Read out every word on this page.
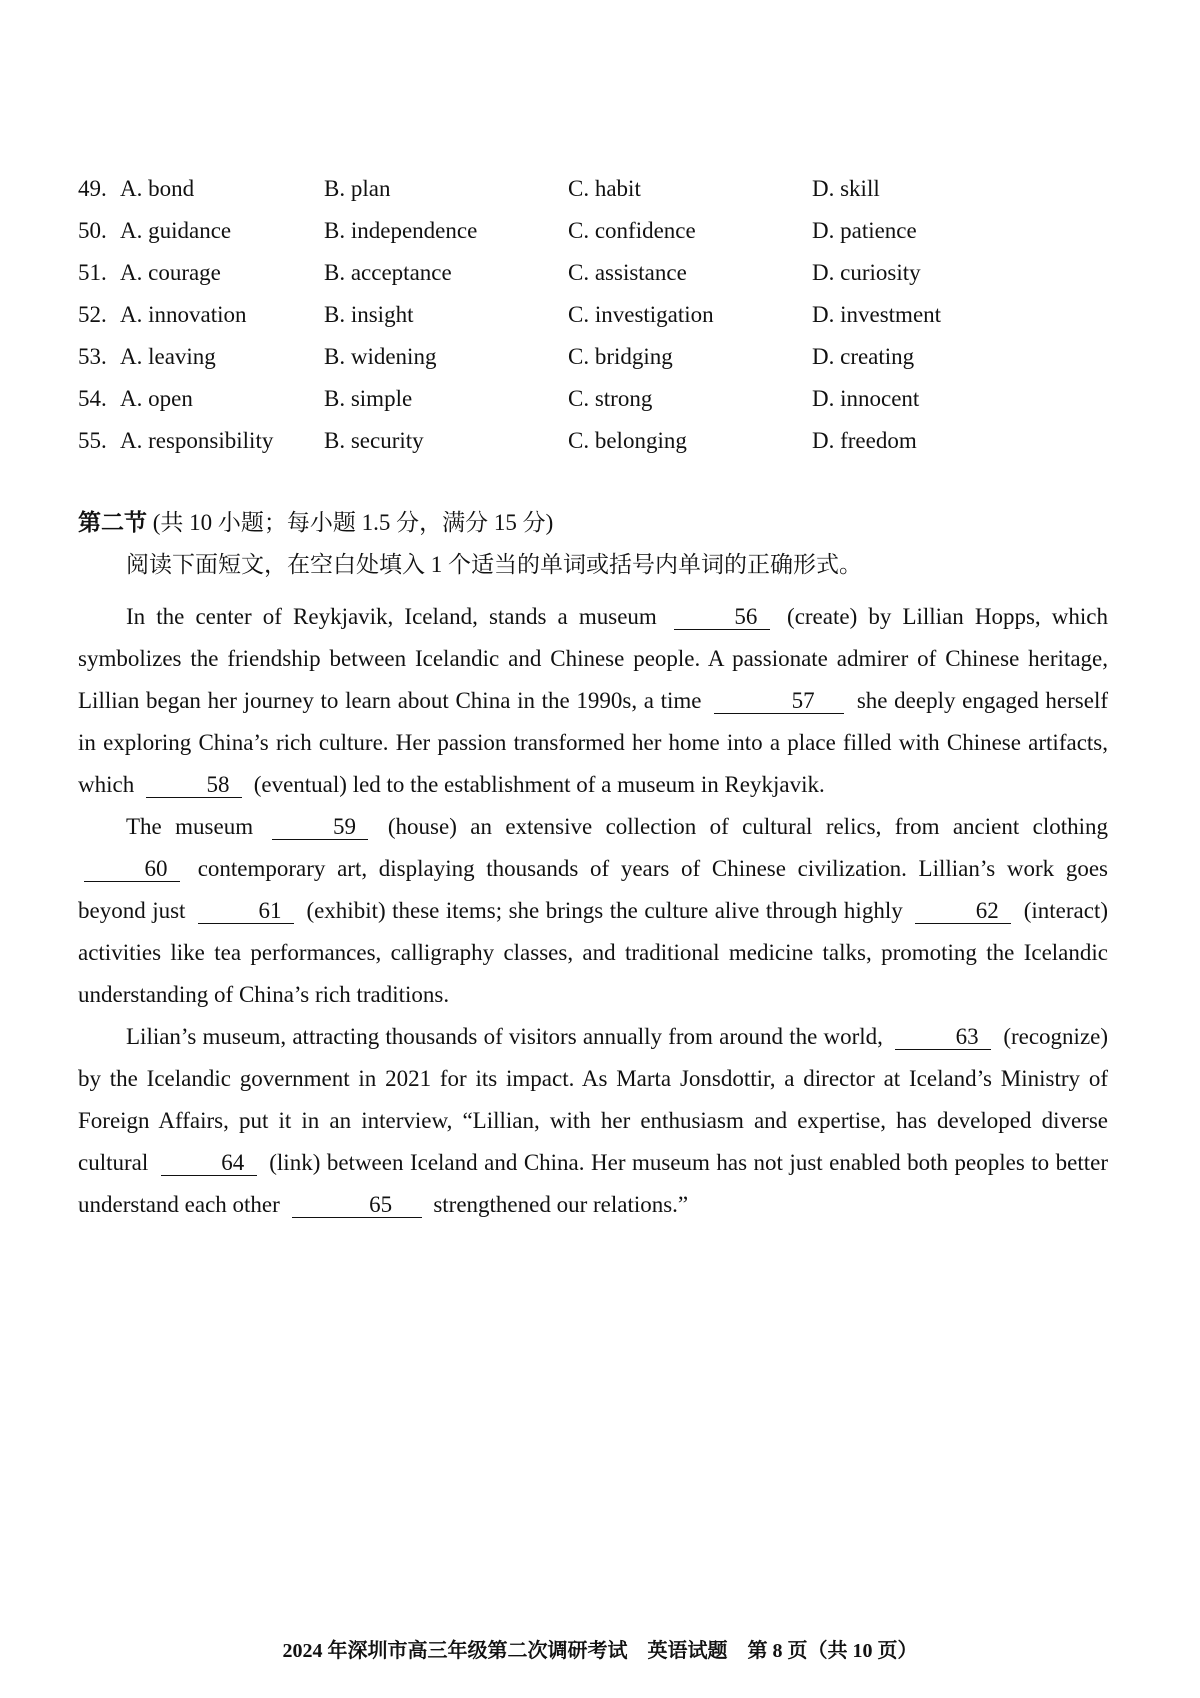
49. A. bond	B. plan	C. habit	D. skill
50. A. guidance	B. independence	C. confidence	D. patience
51. A. courage	B. acceptance	C. assistance	D. curiosity
52. A. innovation	B. insight	C. investigation	D. investment
53. A. leaving	B. widening	C. bridging	D. creating
54. A. open	B. simple	C. strong	D. innocent
55. A. responsibility B. security	C. belonging	D. freedom
第二节 (共 10 小题；每小题 1.5 分，满分 15 分)
阅读下面短文，在空白处填入 1 个适当的单词或括号内单词的正确形式。

In the center of Reykjavik, Iceland, stands a museum	56 (create) by Lillian Hopps, which symbolizes the friendship between Icelandic and Chinese people. A passionate admirer of Chinese heritage, Lillian began her journey to learn about China in the 1990s, a time	57 she deeply engaged herself in exploring China’s rich culture. Her passion transformed her home into a place filled with Chinese artifacts, which	58 (eventual) led to the establishment of a museum in Reykjavik.

The museum	59 (house) an extensive collection of cultural relics, from ancient clothing 60 contemporary art, displaying thousands of years of Chinese civilization. Lillian’s work goes beyond just	61 (exhibit) these items; she brings the culture alive through highly	62 (interact) activities like tea performances, calligraphy classes, and traditional medicine talks, promoting the Icelandic understanding of China’s rich traditions.

Lilian’s museum, attracting thousands of visitors annually from around the world,	63 (recognize) by the Icelandic government in 2021 for its impact. As Marta Jonsdottir, a director at Iceland’s Ministry of Foreign Affairs, put it in an interview, “Lillian, with her enthusiasm and expertise, has developed diverse cultural	64 (link) between Iceland and China. Her museum has not just enabled both peoples to better understand each other	65 strengthened our relations.”

2024 年深圳市高三年级第二次调研考试　英语试题　第 8 页（共 10 页）
